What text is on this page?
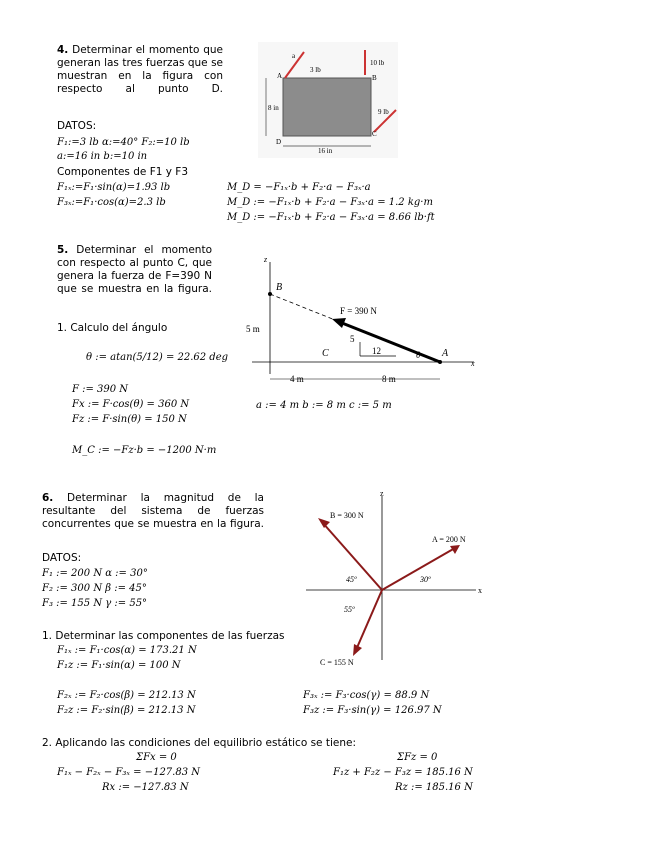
4. Determinar el momento que generan las tres fuerzas que se muestran en la figura con respecto al punto D.
DATOS:
F₁:=3 lb α:=40° F₂:=10 lb
a:=16 in b:=10 in
Componentes de F1 y F3
F₁ₓ:=F₁·sin(α)=1.93 lb
F₃ₓ:=F₁·cos(α)=2.3 lb
M_D = −F₁ₓ·b + F₂·a − F₃ₓ·a
M_D := −F₁ₓ·b + F₂·a − F₃ₓ·a = 1.2 kg·m
M_D := −F₁ₓ·b + F₂·a − F₃ₓ·a = 8.66 lb·ft
3 lb
10 lb
9 lb
A	B
C
D
16 in
8 in
a
5. Determinar el momento con respecto al punto C, que genera la fuerza de F=390 N que se muestra en la figura.
1. Calculo del ángulo
θ := atan(5/12) = 22.62 deg
F := 390 N
Fx := F·cos(θ) = 360 N
Fz := F·sin(θ) = 150 N
a := 4 m b := 8 m c := 5 m
M_C := −Fz·b = −1200 N·m
B
A
C
z
x
F = 390 N
5
12	θ
5 m
4 m	8 m
6. Determinar la magnitud de la resultante del sistema de fuerzas concurrentes que se muestra en la figura.
DATOS:
F₁ := 200 N α := 30°
F₂ := 300 N β := 45°
F₃ := 155 N γ := 55°
1. Determinar las componentes de las fuerzas
F₁ₓ := F₁·cos(α) = 173.21 N
F₁z := F₁·sin(α) = 100 N
F₂ₓ := F₂·cos(β) = 212.13 N
F₂z := F₂·sin(β) = 212.13 N
F₃ₓ := F₃·cos(γ) = 88.9 N
F₃z := F₃·sin(γ) = 126.97 N
2. Aplicando las condiciones del equilibrio estático se tiene:
ΣFx = 0
F₁ₓ − F₂ₓ − F₃ₓ = −127.83 N
Rx := −127.83 N
ΣFz = 0
F₁z + F₂z − F₃z = 185.16 N
Rz := 185.16 N
B = 300 N
A = 200 N
C = 155 N
z
x
45º	30º
55º
